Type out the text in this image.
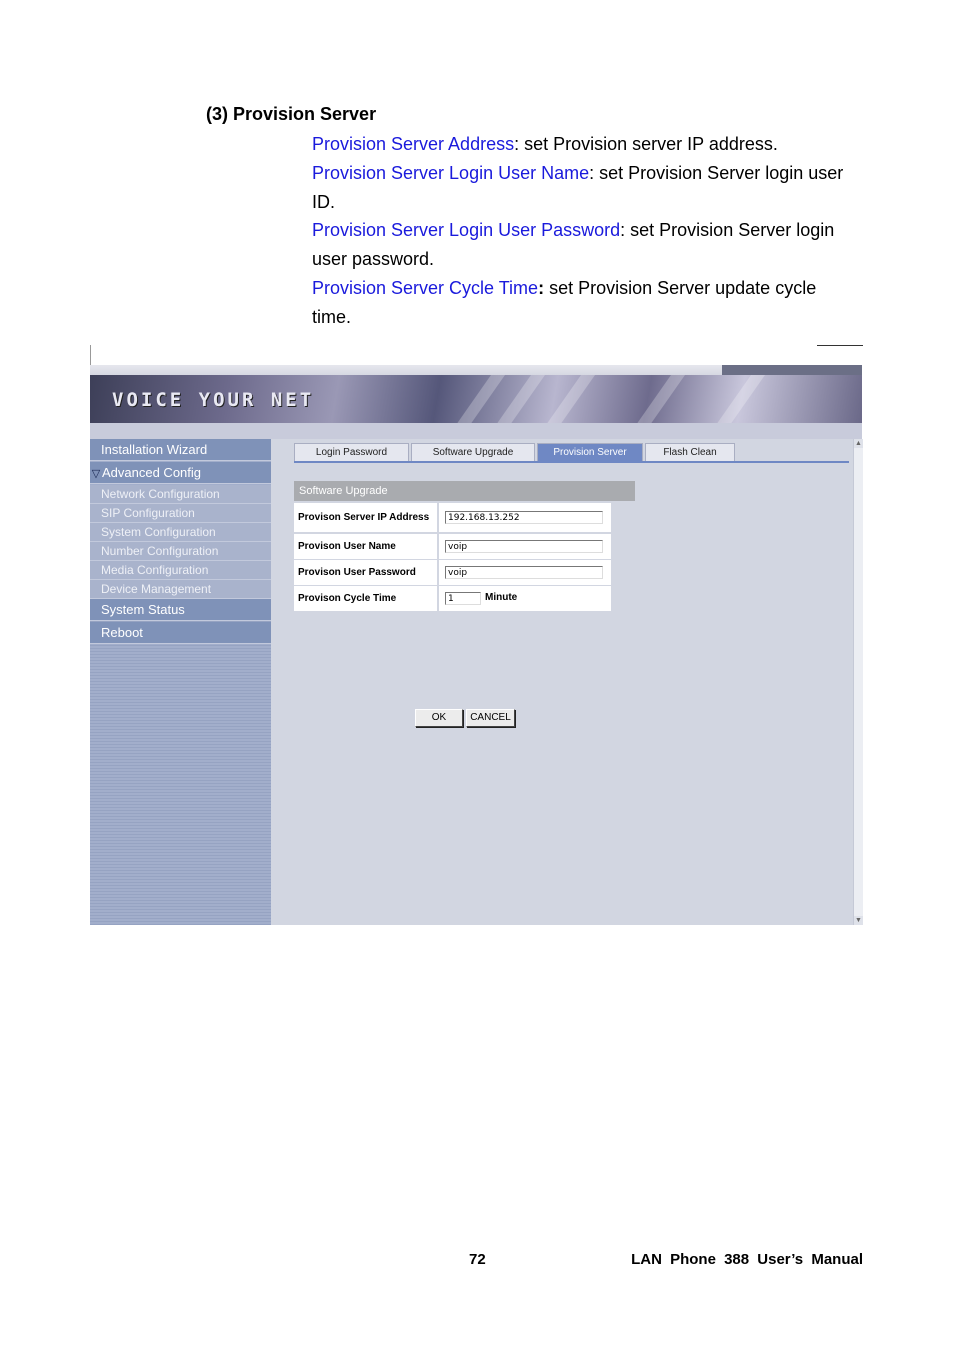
(3) Provision Server
Provision Server Address: set Provision server IP address.
Provision Server Login User Name: set Provision Server login user ID.
Provision Server Login User Password: set Provision Server login user password.
Provision Server Cycle Time: set Provision Server update cycle time.
VOICE YOUR NET
Installation Wizard
▽ Advanced Config
Network Configuration
SIP Configuration
System Configuration
Number Configuration
Media Configuration
Device Management
System Status
Reboot
Login Password	Software Upgrade	Provision Server	Flash Clean
Software Upgrade
Provison Server IP Address	192.168.13.252
Provison User Name	voip
Provison User Password	voip
Provison Cycle Time	1	Minute
OK	CANCEL
▲
▼
72	LAN Phone 388 User’s Manual
